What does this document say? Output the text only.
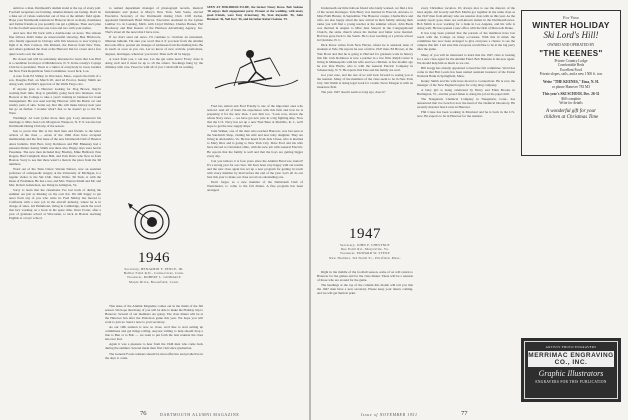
Amid so a man, Dartmouth's alumni stand at the top of every poll. Football receptions are forming. Alumni dinners are lasting. Don't be a fake set of values somewhat out of line at the athletic field again. Hope your Dartmouth reunions in Hanover show as many classmates and former friends as you possibly can get a glimpse. Then one's plan for the football season has one town and two with your names.

And now that I'm back with a double-take on news. The sixteen fine fellows didn't make an unsuccessful showing. Ben Hitchcock, who finally appeared in Chicago with Jim Gleason, is now trying to fight it in. Bob Carlson, Jim Rickard, the Pastors from New York, and others gathered the class at the Hanover Inn for a beer and a few quiet words over the table.

He closed and will be extremely interested to learn that Lou Holt is a candidate for mayor of Middletown, N. Y. In the county's Cayuga Club he is president. There is a rumor of everybody in town, besides the New York Republican State Committee. Good luck, Lou.

A note from Ed Stilley, in Worcester, Mass., reports the birth of a son, Douglas Earl, on March 20. And Al Proctor, Kenny Smith are doing well, with Holt's approval of the Wells Fargo cars.

If anyone goes to Hanover looking for Dog Brown, they're wasting their time. Dog is gainfully going back into business. Jack Bowers at the College to take a year's training in business for hotel management. He was seen leaving Hanover with his Buick car and sundry parts of skis. Some say that this will make history next year but go an further. I wonder what? Just so he doesn't go to the Far West.

Weddings: Al Lent (what more than guy Lou) announced his marriage to Miss Jean Lois Morgan in Westport, N. Y. It was the last Dartmouth Outing Club trip of the season.

Just to prove that this is the mail man and friends to the letter writers of the class — seven of the 1946 class have accepted membership and the first issue of the new Dartmouth Club of Buenos Aires bulletin. Walt Barr, Jerry Robinson and Bill Blakeney had a pleasant dinner. Kenny Smith was there also. Happy days were had in Pasadena. The new men included Ray Bradley, Mike Hubbard, Pete Rogers, Bud Campbell, Russ Hall, and Tom Davis who flew in from Boston. Sorry to see that there wasn't a man in the place from the '46 numbers.

Word out of the Twin Cities: Warren Nelson, now an assistant professor of orthopaedic surgery at the University of Michigan, is a regular visitor to the Ski Club. Dave Wolfe, '46 Tuck, is with the Dean of Freshmen. He has a son, and Mrs. Warren Smith and Mr. and Mrs. Robert Gabrielson, are living in Arlington, Va.

Sorry to learn that the classmates I've lost track of during the summer are just as missing on my own list. I'm still happy to get news from any of you who write in. Fred Shirley has moved to California with a new job in the aircraft industry, where he is in charge of sales. Gil Hammond, living in Cambridge, sends the word that he's working on a book in his spare time. Dave Porter, after a year of graduate school at Wisconsin, is back in Boston teaching English at a boys' school.

to named department manager of phonograph records, musical instruments and pianos at Macy's New York. Seth Soule, elected Executive Secretary of the Dartmouth Outing Club. Cliff Jordan, appointed Dartmouth Band Director. Executive Assistant in the Lyman Lumber Co. in Lansing, Mich. with Lloyd Webber, Charles Barnes, Hal Brockway and Bud Kearns of the Harrison Advertising Agency, Inc. That's about all the news that I have now.

If we don't send out news, I'll continue to circulate an unwanted, illiterate bulletin. I'm sure you won't like it if you hear from the Alumni Records office, poured out changes of addresses from the mailing lists. Be in touch as soon as you can. Let us know of new arrivals, promotions, degrees, marriages, wherever you travel. Then we'll all be happy.

A word from you, I can use. Let me get some news! Every class is doing well and it must be up to all the others. Stockings hung by the chimney with care. Peace be with all of you. I shall still be waiting.

1946
Secretary, BENJAMIN F. PENCE, JR.
Balliet Field R.D., Connecticut, Conn.
Treasurer, ROBERT L. GOODALE
Maple Drive, Brookfield, Conn.

This issue of the Alumni Magazine comes out in the midst of the fall season. We hope that many of you will be able to make the Holiday trip to Hanover. Several of our members are going. The class dinner will be at the Hanover Inn after the Princeton game this year. We hope you will want to join us. Send a note to your secretary.

As our 10th reunion is now so close, we'd like to start setting up committees and get things rolling. Anyone willing to help should drop a line to Ben or to Bob — we want to put forth the best reunion the class has ever had.

Again it was a pleasure to hear from the 1946 men who came back during the summer. Several made their first visit since graduation.

The General Foods winners should be most effective and productive in the days to come.

SEEN AT MID-BIRDS-TO-BE, the former Nancy Rowe. Bob Sodano '46 enjoys their engagement party. Present at the wedding, with many good friends, were Tony Armstrong '46, Stan Reynolds '46, John Brennan '46, Neil Iwer '46, and his father Robert Sodano '19.

Fred has retired and Fred Friedly is one of the important ones who noticed. And all of them the experience with this firm and how he is preparing it for the new man. I saw him too. "Look now, shown the whole Navy news — we have got new jobs in a big fighting ship. Now that the U.S. Navy has set up a new Fuel Base at Melville, R. I., we'll hope to get the new supply ships."

John Walker, one of the men who reached Hanover, was last seen at the Sandwich Shop, visiting his wife and new baby daughter. They are living in Alexandria, Va. He has heard from Jack Chase, who is married to Mary Rice and is going to New York City. Dave Ford and his wife have moved to Cleveland, Ohio, with his new job with General Electric. He reports that the family is well and that the boys are getting bigger every day.

Can you believe it is four years since the Alumni Fund was started? It's a strong year for our class. We have been very happy with our results and the new class agent has set up a new program for getting in touch with every member by mail before the end of the year. Let's all do our best this year to make our class record an outstanding one.

Don't forget, as a new member of the Dartmouth Club of Westchester, to come to the fall dinner. A fine program has been arranged.

76	DARTMOUTH ALUMNI MAGAZINE

Underneath our little balloon friend who lately worked, we find a few of the recent marriages. Tom Berry was married in Prescott, Arizona, to Miss Faith Hunter, in September. The Hanover couple, Charlie Rice and wife, are also happy about the new arrival in their family. Among their ranks you will find a young teacher at the summer school. John Beals was married in August to Miss Jane Stewart in the Congregational Church, the same church where his mother and father were married. Bob has gone back to the South. He is now teaching at a private school in Charlotte, N. C.

Dick Rowe writes from New Haven, where he is assistant dean of students at Yale. He reports he saw a fellow 1947 man, Ed Brown, at the Yale Bowl and that he is going to Harvard for graduate work in history this fall. Jack Robinson is now a partner in a law firm. Ralph Carter is living in Minneapolis with his wife and two children. A few months ago he saw Pete Harris, who is with the General Electric Company in Schenectady, N. Y. He reports that Pete and his family are well.

Got your note, and the rest of us will look forward to seeing you at the reunion. Many of the members of the class seem to be in New York City. Jim Walsh is doing legal work for a bank. Steve Morgan is with an insurance firm.

The year 1947 doesn't seem so long ago, does it?

1947
Secretary, JOHN P. CHESTNUT
Dee Point Rd., Marysville, Va.
Treasurer, EDWARD W. STENZ
New Tholmer, 3rd North St., Pittsfield, Mass.

Right in the middle of the football season, some of us will return to Hanover for the games and for the class dinner. There will be a reunion of those who are around for the game.

The headings at the top of the column this month will tell you that the 1947 men have a new secretary. Please keep your letters coming, and we will get them in print.

every Christmas vacation. It's always nice to see the dancers of the Glee Again. All Gowdy and Bob Martin got together in the same class as the 1947 men from Albany who are reunion class with us this year. As the weekly report goes, there are well-known names in the Dartmouth news. Bob Smith is now working for a bank in Los Angeles, and his wife is doing well. He has opened a new office with the firm of Mason & Drake.

It has long been pointed that the parents of the members have lost touch with the College on many occasions. With this in mind, the committee has now been arranged to give everyone a chance to see the campus this fall. I am sure that everyone would like to be at the big party after the game.

Many of you will be interested to learn that the 1947 class is looking for a new class agent for the Alumni Fund. Bob Brennan is the new agent. We should help him as much as we can.

Bill Gregg has already appointed to head the fall committee. Word has come in that Bob Lewis has been named assistant treasurer of the Union National Bank in Springfield, Mass.

Kenny Smith and his wife have moved to Connecticut. He is now the manager of the New England region for a big drug company.

A baby girl is being celebrated by Harry and Ellen Brooks in Burlington, Vt., and the proud father is doing his job in the paper mill.

The Naugatuck Chemical Company in Naugatuck, Conn., has announced that Joe Leach is now the head of the chemical laboratory. He recently married Jane Lewis in Hanover.

Phil Crane has been working in Montreal and he is back in the U.S. now. He expects to be in Hanover for the reunion.

For Your
WINTER HOLIDAY
Ski Lord's Hill!
OWNED AND OPERATED BY
"THE KEENES"
Private Country Lodge
Comfortable Beds
Excellent Food
Private slopes, rails, and a new 1500 ft. tow
Write "THE KEENES," Etna, N. H.
or phone Hanover 783 M3
This year's SKI SCHOOL Dec. 26-31
$60 complete
Write for details
A wonderful gift for your
children at Christmas Time
ARTISTS·PHOTO·ENGRAVERS
MERRIMAC ENGRAVING CO., INC.
Graphic Illustrators
ENGRAVERS FOR THIS PUBLICATION
Issue of NOVEMBER 1951	77
